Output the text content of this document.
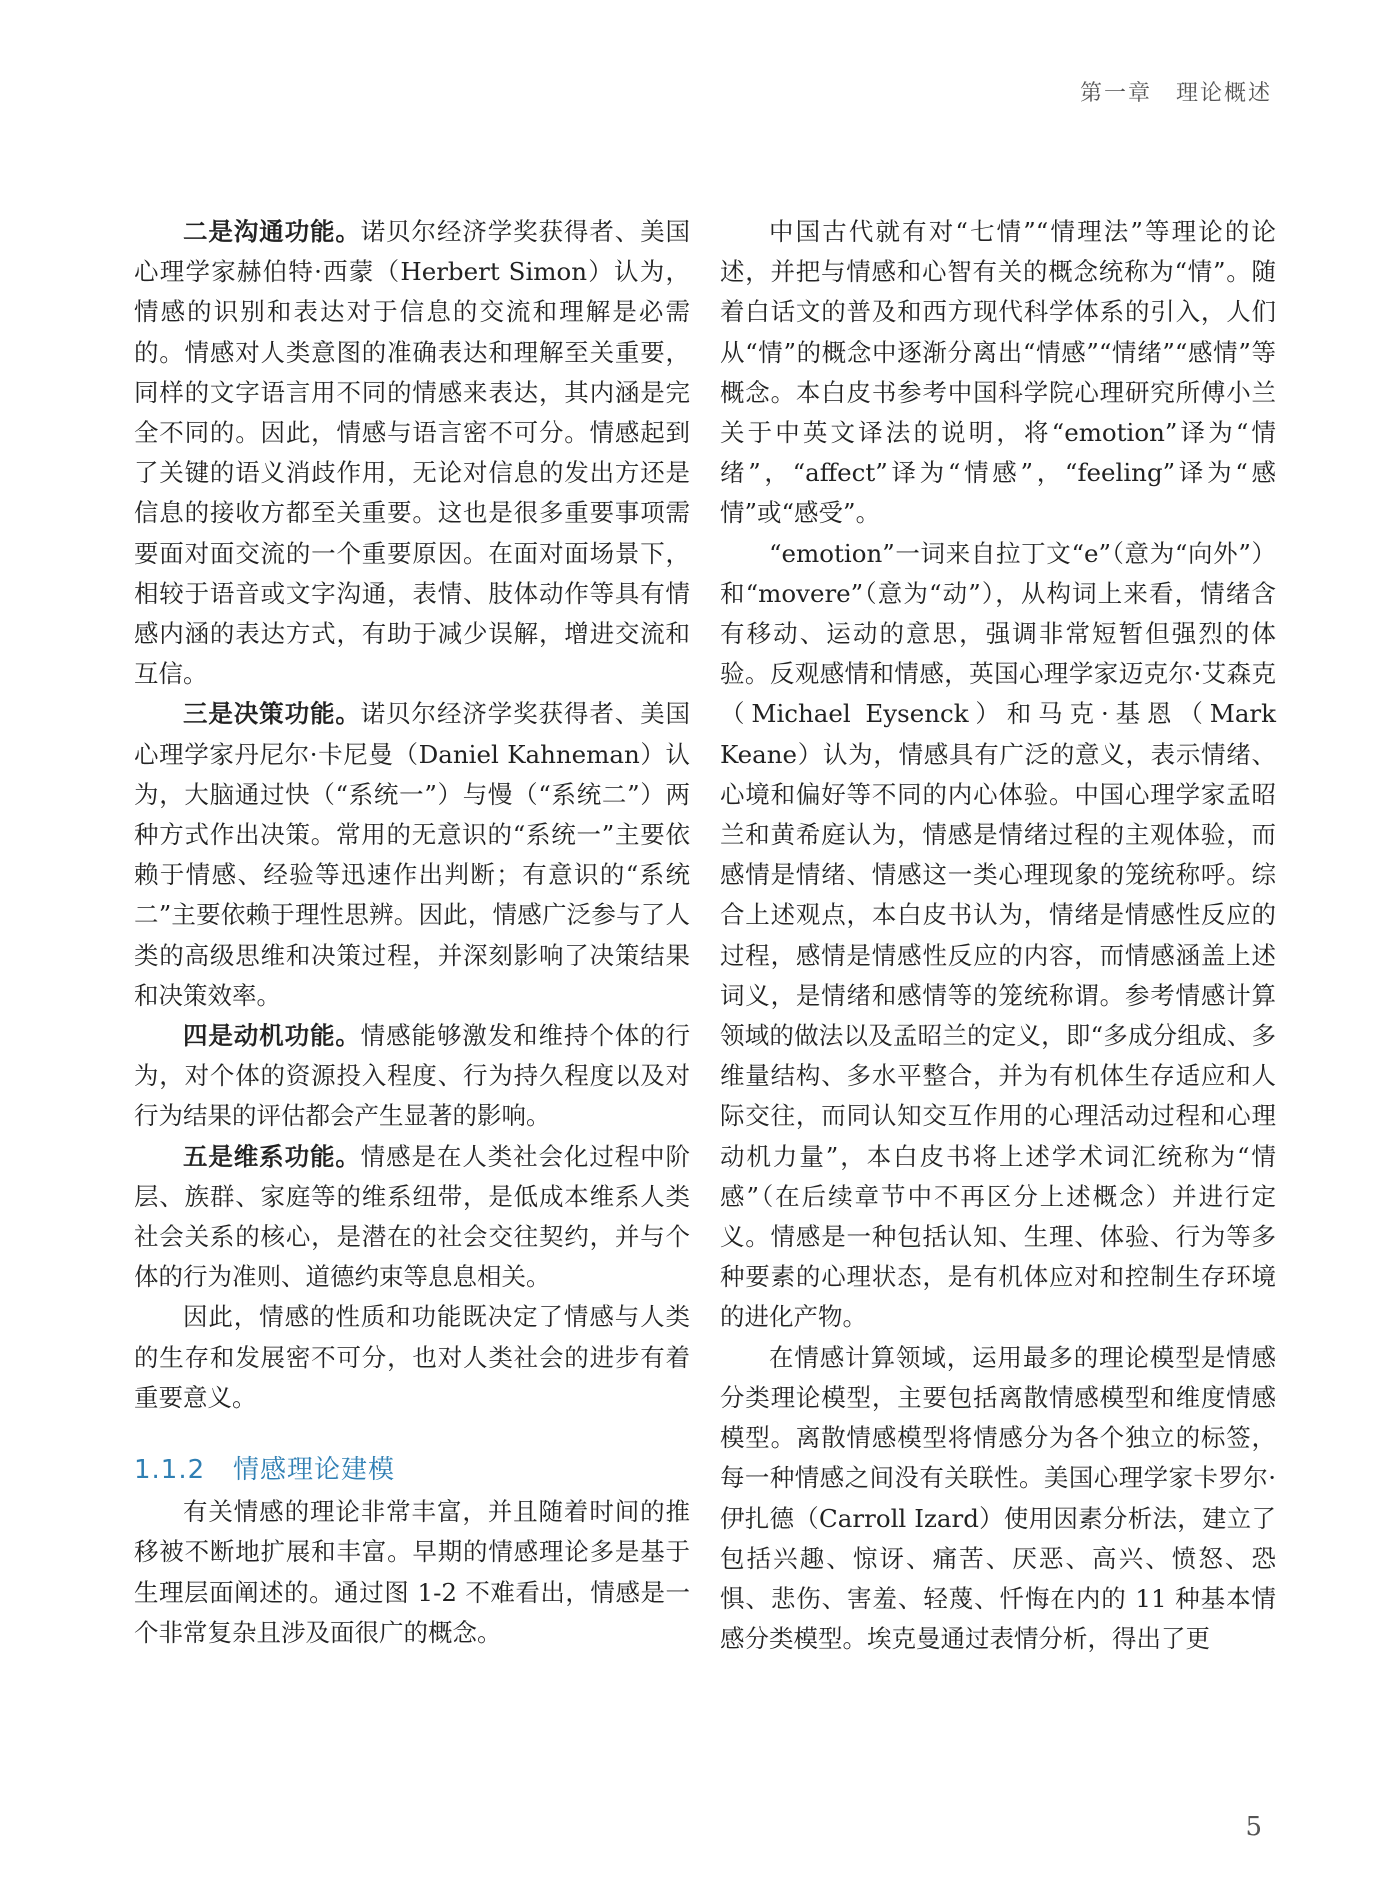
第一章　理论概述

二是沟通功能。诺贝尔经济学奖获得者、美国心理学家赫伯特·西蒙（Herbert Simon）认为，情感的识别和表达对于信息的交流和理解是必需的。情感对人类意图的准确表达和理解至关重要，同样的文字语言用不同的情感来表达，其内涵是完全不同的。因此，情感与语言密不可分。情感起到了关键的语义消歧作用，无论对信息的发出方还是信息的接收方都至关重要。这也是很多重要事项需要面对面交流的一个重要原因。在面对面场景下，相较于语音或文字沟通，表情、肢体动作等具有情感内涵的表达方式，有助于减少误解，增进交流和互信。

三是决策功能。诺贝尔经济学奖获得者、美国心理学家丹尼尔·卡尼曼（Daniel Kahneman）认为，大脑通过快（“系统一”）与慢（“系统二”）两种方式作出决策。常用的无意识的“系统一”主要依赖于情感、经验等迅速作出判断；有意识的“系统二”主要依赖于理性思辨。因此，情感广泛参与了人类的高级思维和决策过程，并深刻影响了决策结果和决策效率。

四是动机功能。情感能够激发和维持个体的行为，对个体的资源投入程度、行为持久程度以及对行为结果的评估都会产生显著的影响。

五是维系功能。情感是在人类社会化过程中阶层、族群、家庭等的维系纽带，是低成本维系人类社会关系的核心，是潜在的社会交往契约，并与个体的行为准则、道德约束等息息相关。

因此，情感的性质和功能既决定了情感与人类的生存和发展密不可分，也对人类社会的进步有着重要意义。

1.1.2 情感理论建模

有关情感的理论非常丰富，并且随着时间的推移被不断地扩展和丰富。早期的情感理论多是基于生理层面阐述的。通过图 1-2 不难看出，情感是一个非常复杂且涉及面很广的概念。

中国古代就有对“七情”“情理法”等理论的论述，并把与情感和心智有关的概念统称为“情”。随着白话文的普及和西方现代科学体系的引入，人们从“情”的概念中逐渐分离出“情感”“情绪”“感情”等概念。本白皮书参考中国科学院心理研究所傅小兰关于中英文译法的说明，将“emotion”译为“情绪”，“affect”译为“情感”，“feeling”译为“感情”或“感受”。

“emotion”一词来自拉丁文“e”（意为“向外”）和“movere”（意为“动”），从构词上来看，情绪含有移动、运动的意思，强调非常短暂但强烈的体验。反观感情和情感，英国心理学家迈克尔·艾森克（Michael Eysenck）和马克·基恩（Mark Keane）认为，情感具有广泛的意义，表示情绪、心境和偏好等不同的内心体验。中国心理学家孟昭兰和黄希庭认为，情感是情绪过程的主观体验，而感情是情绪、情感这一类心理现象的笼统称呼。综合上述观点，本白皮书认为，情绪是情感性反应的过程，感情是情感性反应的内容，而情感涵盖上述词义，是情绪和感情等的笼统称谓。参考情感计算领域的做法以及孟昭兰的定义，即“多成分组成、多维量结构、多水平整合，并为有机体生存适应和人际交往，而同认知交互作用的心理活动过程和心理动机力量”，本白皮书将上述学术词汇统称为“情感”（在后续章节中不再区分上述概念）并进行定义。情感是一种包括认知、生理、体验、行为等多种要素的心理状态，是有机体应对和控制生存环境的进化产物。

在情感计算领域，运用最多的理论模型是情感分类理论模型，主要包括离散情感模型和维度情感模型。离散情感模型将情感分为各个独立的标签，每一种情感之间没有关联性。美国心理学家卡罗尔·伊扎德（Carroll Izard）使用因素分析法，建立了包括兴趣、惊讶、痛苦、厌恶、高兴、愤怒、恐惧、悲伤、害羞、轻蔑、忏悔在内的 11 种基本情感分类模型。埃克曼通过表情分析，得出了更

5
